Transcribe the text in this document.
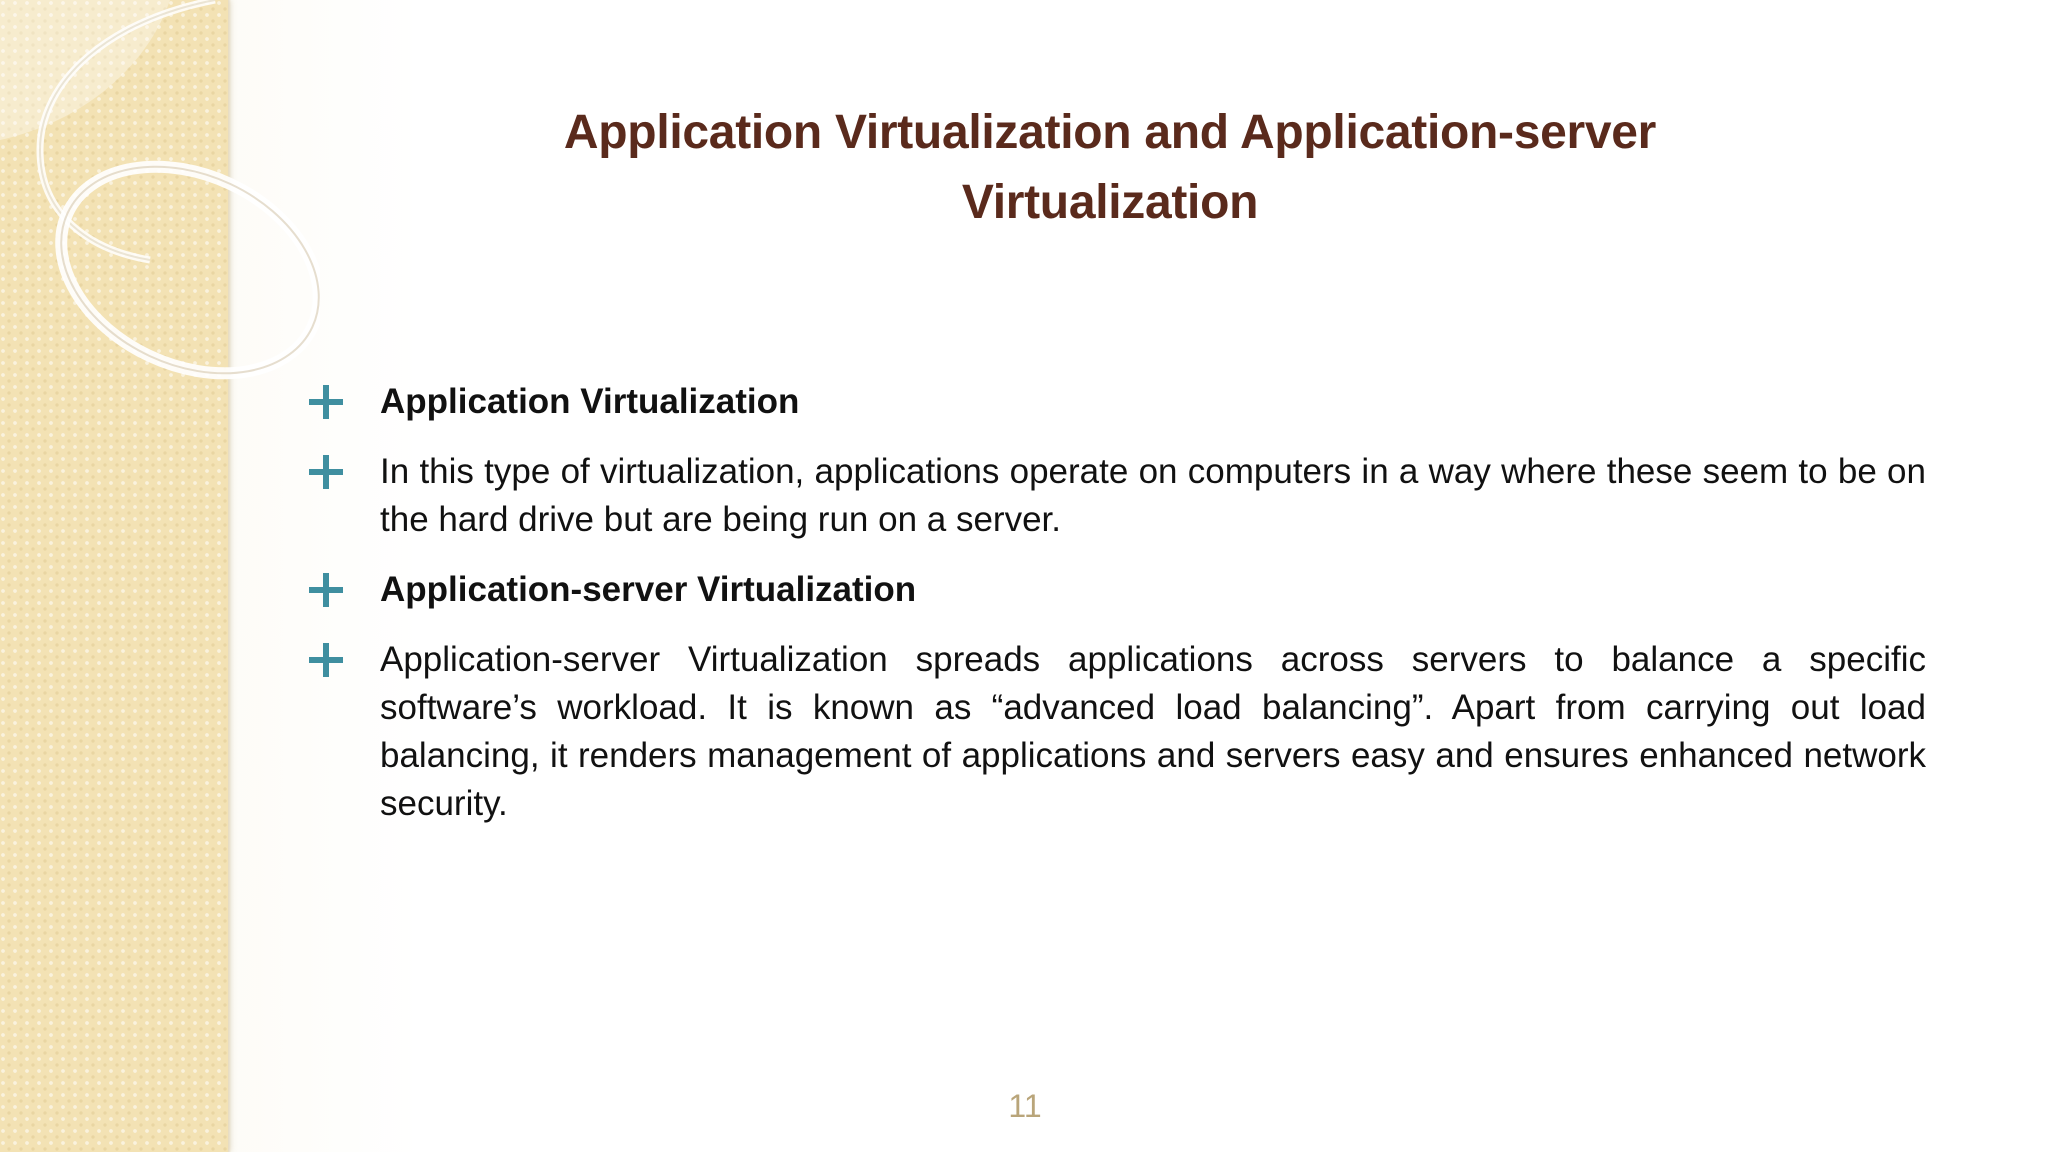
Application Virtualization and Application-server
Virtualization
Application Virtualization
In this type of virtualization, applications operate on computers in a way where these seem to be on the hard drive but are being run on a server.
Application-server Virtualization
Application-server Virtualization spreads applications across servers to balance a specific software’s workload. It is known as “advanced load balancing”. Apart from carrying out load balancing, it renders management of applications and servers easy and ensures enhanced network security.
11
